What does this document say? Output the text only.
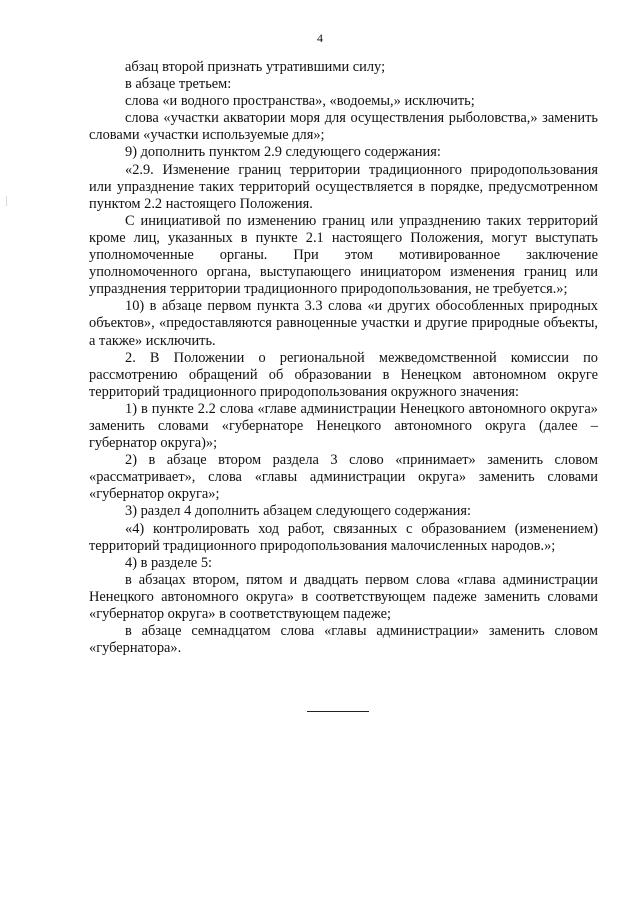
4

абзац второй признать утратившими силу;

в абзаце третьем:

слова «и водного пространства», «водоемы,» исключить;

слова «участки акватории моря для осуществления рыболовства,» заменить словами «участки используемые для»;

9) дополнить пунктом 2.9 следующего содержания:

«2.9. Изменение границ территории традиционного природопользования или упразднение таких территорий осуществляется в порядке, предусмотренном пунктом 2.2 настоящего Положения.

С инициативой по изменению границ или упразднению таких территорий кроме лиц, указанных в пункте 2.1 настоящего Положения, могут выступать уполномоченные органы. При этом мотивированное заключение уполномоченного органа, выступающего инициатором изменения границ или упразднения территории традиционного природопользования, не требуется.»;

10) в абзаце первом пункта 3.3 слова «и других обособленных природных объектов», «предоставляются равноценные участки и другие природные объекты, а также» исключить.

2. В Положении о региональной межведомственной комиссии по рассмотрению обращений об образовании в Ненецком автономном округе территорий традиционного природопользования окружного значения:

1) в пункте 2.2 слова «главе администрации Ненецкого автономного округа» заменить словами «губернаторе Ненецкого автономного округа (далее – губернатор округа)»;

2) в абзаце втором раздела 3 слово «принимает» заменить словом «рассматривает», слова «главы администрации округа» заменить словами «губернатор округа»;

3) раздел 4 дополнить абзацем следующего содержания:

«4) контролировать ход работ, связанных с образованием (изменением) территорий традиционного природопользования малочисленных народов.»;

4) в разделе 5:

в абзацах втором, пятом и двадцать первом слова «глава администрации Ненецкого автономного округа» в соответствующем падеже заменить словами «губернатор округа» в соответствующем падеже;

в абзаце семнадцатом слова «главы администрации» заменить словом «губернатора».
